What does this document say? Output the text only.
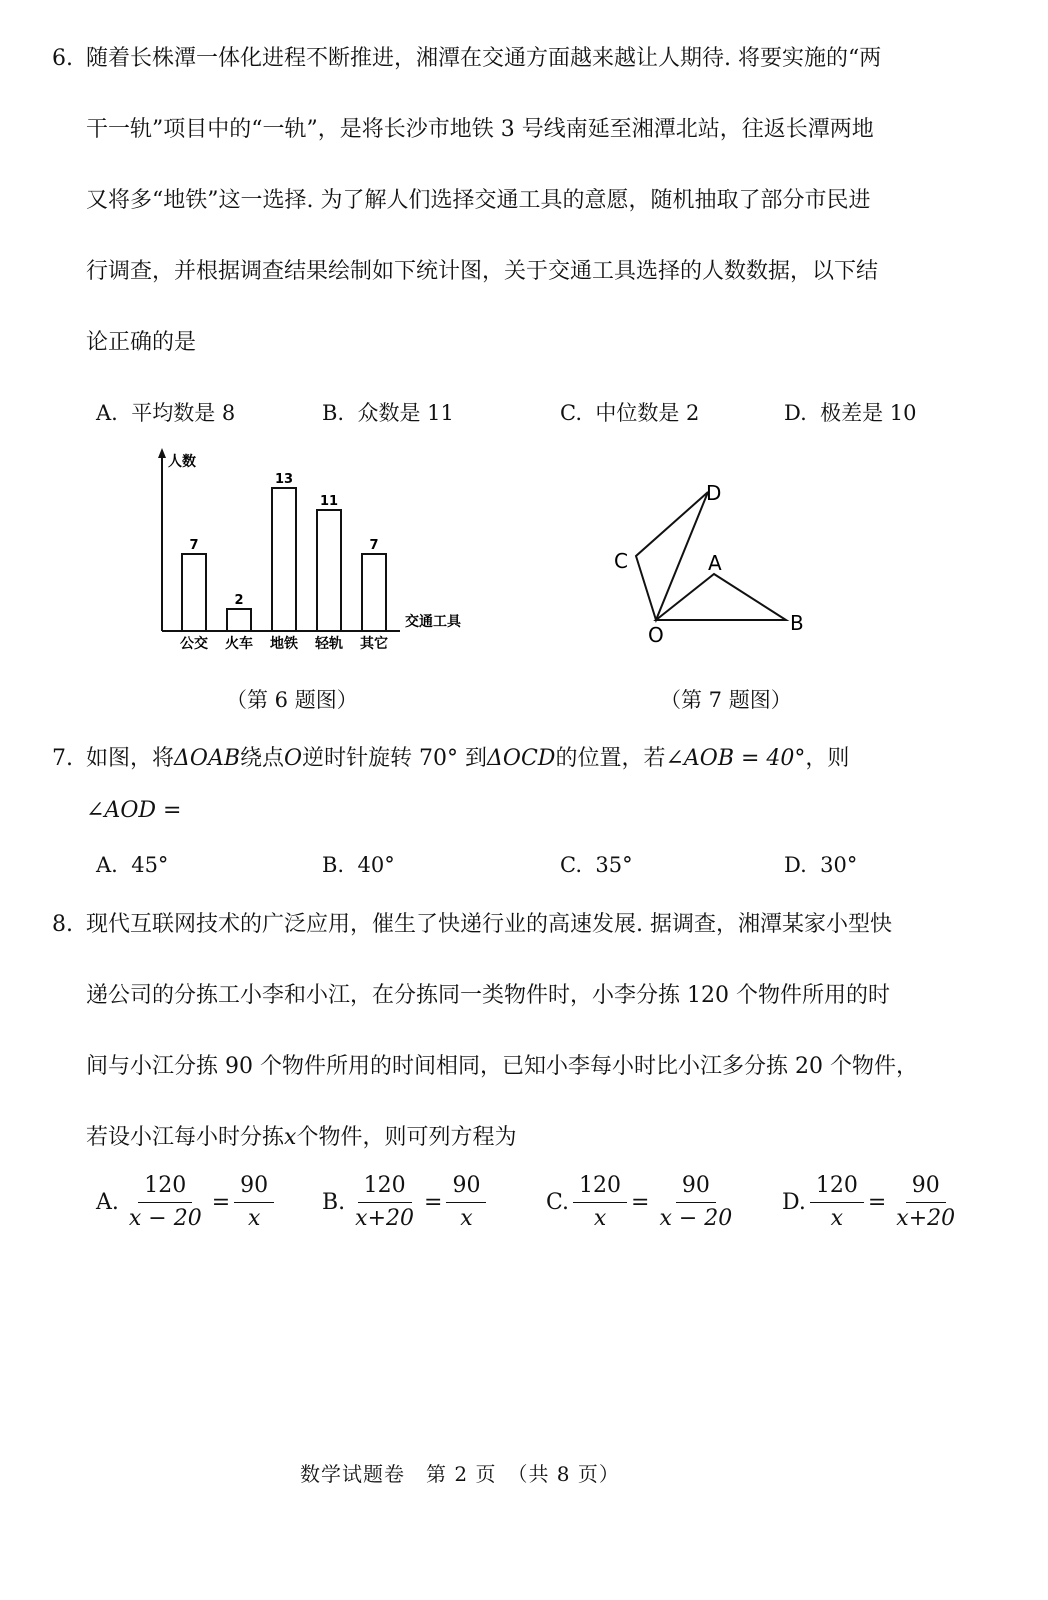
6. 随着长株潭一体化进程不断推进，湘潭在交通方面越来越让人期待. 将要实施的“两
干一轨”项目中的“一轨”，是将长沙市地铁 3 号线南延至湘潭北站，往返长潭两地
又将多“地铁”这一选择. 为了解人们选择交通工具的意愿，随机抽取了部分市民进
行调查，并根据调查结果绘制如下统计图，关于交通工具选择的人数数据，以下结
论正确的是
A. 平均数是 8	B. 众数是 11	C. 中位数是 2	D. 极差是 10
人数
交通工具
7
公交
2
火车
13
地铁
11
轻轨
7
其它
（第 6 题图）
O
A
B
C
D
（第 7 题图）
7. 如图，将ΔOAB绕点O逆时针旋转 70° 到ΔOCD的位置，若∠AOB = 40°，则
∠AOD =
A. 45°	B. 40°	C. 35°	D. 30°
8. 现代互联网技术的广泛应用，催生了快递行业的高速发展. 据调查，湘潭某家小型快
递公司的分拣工小李和小江，在分拣同一类物件时，小李分拣 120 个物件所用的时
间与小江分拣 90 个物件所用的时间相同，已知小李每小时比小江多分拣 20 个物件，
若设小江每小时分拣x个物件，则可列方程为
A. $\frac{120}{x - 20} = \frac{90}{x} B$. $\frac{120}{x+20} = \frac{90}{x}$	C. $\frac{120}{x} = \frac{90}{x - 20} D$. $\frac{120}{x} = \frac{90}{x+20}$
数学试题卷　第 2 页　（共 8 页）
